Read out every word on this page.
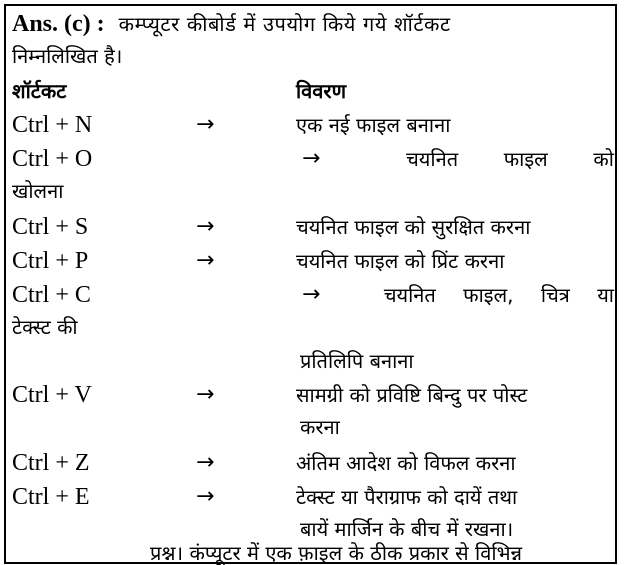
Ans. (c) : कम्प्यूटर कीबोर्ड में उपयोग किये गये शॉर्टकट
निम्नलिखित है।
शॉर्टकट	विवरण
Ctrl + N	→	एक नई फाइल बनाना
Ctrl + O	→	चयनित फाइल को
खोलना
Ctrl + S	→	चयनित फाइल को सुरक्षित करना
Ctrl + P	→	चयनित फाइल को प्रिंट करना
Ctrl + C	→	चयनित फाइल, चित्र या
टेक्स्ट की
प्रतिलिपि बनाना
Ctrl + V	→	सामग्री को प्रविष्टि बिन्दु पर पोस्ट
करना
Ctrl + Z	→	अंतिम आदेश को विफल करना
Ctrl + E	→	टेक्स्ट या पैराग्राफ को दायें तथा
बायें मार्जिन के बीच में रखना।
प्रश्न। कंप्यूटर में एक फ़ाइल के ठीक प्रकार से विभिन्न
